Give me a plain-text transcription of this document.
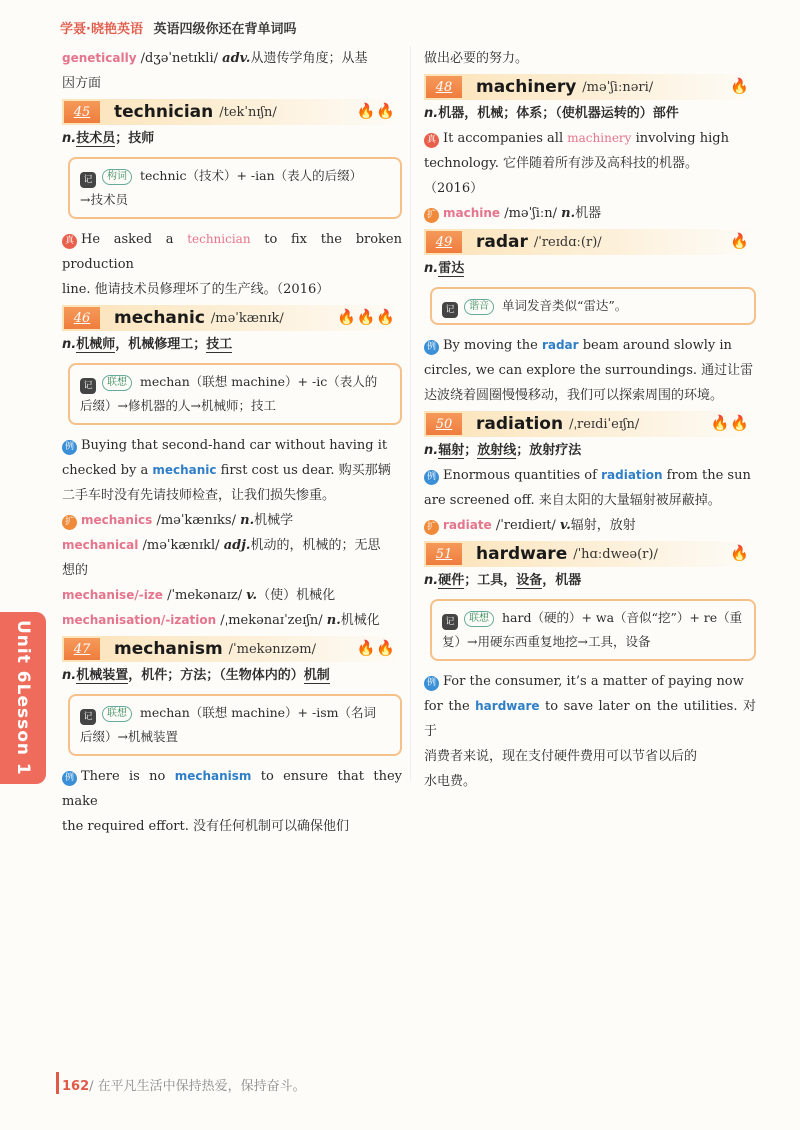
学聂·晓艳英语 英语四级你还在背单词吗
genetically /dʒəˈnetɪkli/ adv.从遗传学角度；从基
因方面
45	technician /tekˈnɪʃn/	🔥🔥
n.技术员；技师
记 构词 technic（技术）+ -ian（表人的后缀）
→技术员
真 He asked a technician to fix the broken production
line. 他请技术员修理坏了的生产线。（2016）
46	mechanic /məˈkænɪk/	🔥🔥🔥
n.机械师，机械修理工；技工
记 联想 mechan（联想 machine）+ -ic（表人的
后缀）→修机器的人→机械师；技工
例 Buying that second-hand car without having it
checked by a mechanic first cost us dear. 购买那辆
二手车时没有先请技师检查，让我们损失惨重。
扩 mechanics /məˈkænɪks/ n.机械学
mechanical /məˈkænɪkl/ adj.机动的，机械的；无思
想的
mechanise/-ize /ˈmekənaɪz/ v.（使）机械化
mechanisation/-ization /ˌmekənaɪˈzeɪʃn/ n.机械化
47	mechanism /ˈmekənɪzəm/	🔥🔥
n.机械装置，机件；方法；（生物体内的）机制
记 联想 mechan（联想 machine）+ -ism（名词
后缀）→机械装置
例 There is no mechanism to ensure that they make
the required effort. 没有任何机制可以确保他们
做出必要的努力。
48	machinery /məˈʃiːnəri/	🔥
n.机器，机械；体系；（使机器运转的）部件
真 It accompanies all machinery involving high
technology. 它伴随着所有涉及高科技的机器。
（2016）
扩 machine /məˈʃiːn/ n.机器
49	radar /ˈreɪdɑː(r)/	🔥
n.雷达
记 谐音 单词发音类似“雷达”。
例 By moving the radar beam around slowly in
circles, we can explore the surroundings. 通过让雷
达波绕着圆圈慢慢移动，我们可以探索周围的环境。
50	radiation /ˌreɪdiˈeɪʃn/	🔥🔥
n.辐射；放射线；放射疗法
例 Enormous quantities of radiation from the sun
are screened off. 来自太阳的大量辐射被屏蔽掉。
扩 radiate /ˈreɪdieɪt/ v.辐射，放射
51	hardware /ˈhɑːdweə(r)/	🔥
n.硬件；工具，设备，机器
记 联想 hard（硬的）+ wa（音似“挖”）+ re（重
复）→用硬东西重复地挖→工具，设备
例 For the consumer, it’s a matter of paying now
for the hardware to save later on the utilities. 对于
消费者来说，现在支付硬件费用可以节省以后的
水电费。
Unit 6Lesson 1
162/ 在平凡生活中保持热爱，保持奋斗。
